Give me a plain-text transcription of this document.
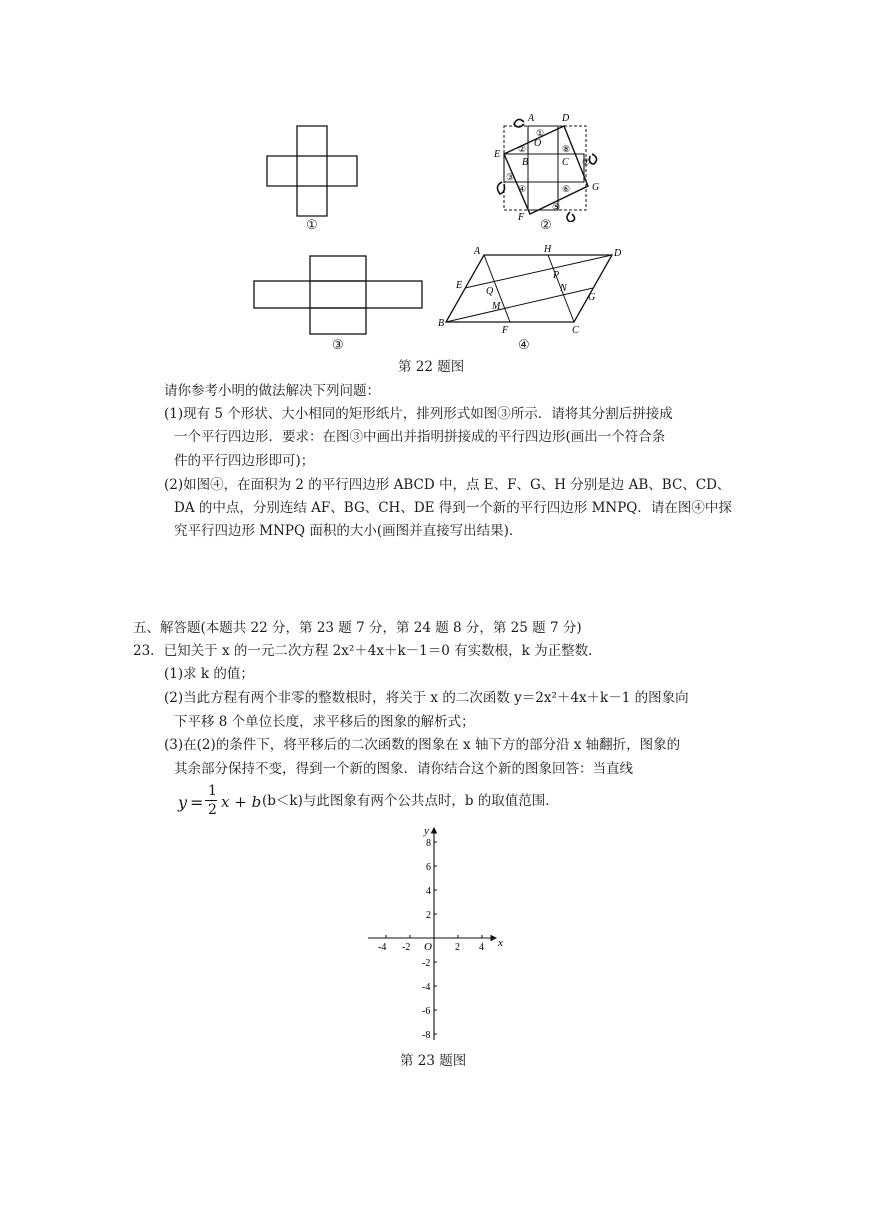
①
A	D
O
E
B	C
G
F
①
②
③
④
⑤
⑥
⑦
⑧
②
③
A	H	D
E
P
Q	N
G
M
B
F	C
④
第 22 题图
请你参考小明的做法解决下列问题：
(1)现有 5 个形状、大小相同的矩形纸片，排列形式如图③所示．请将其分割后拼接成
一个平行四边形．要求：在图③中画出并指明拼接成的平行四边形(画出一个符合条
件的平行四边形即可)；
(2)如图④，在面积为 2 的平行四边形 ABCD 中，点 E、F、G、H 分别是边 AB、BC、CD、
DA 的中点，分别连结 AF、BG、CH、DE 得到一个新的平行四边形 MNPQ．请在图④中探
究平行四边形 MNPQ 面积的大小(画图并直接写出结果)．
五、解答题(本题共 22 分，第 23 题 7 分，第 24 题 8 分，第 25 题 7 分)
23．已知关于 x 的一元二次方程 2x²＋4x＋k－1＝0 有实数根，k 为正整数．
(1)求 k 的值；
(2)当此方程有两个非零的整数根时，将关于 x 的二次函数 y＝2x²＋4x＋k－1 的图象向
下平移 8 个单位长度，求平移后的图象的解析式；
(3)在(2)的条件下，将平移后的二次函数的图象在 x 轴下方的部分沿 x 轴翻折，图象的
其余部分保持不变，得到一个新的图象．请你结合这个新的图象回答：当直线
y =
1
2 x + b (b＜k)与此图象有两个公共点时，b 的取值范围．
-4 -2	2 4
8
6
4
2
-2
-4
-6
-8
x
y
O
第 23 题图
